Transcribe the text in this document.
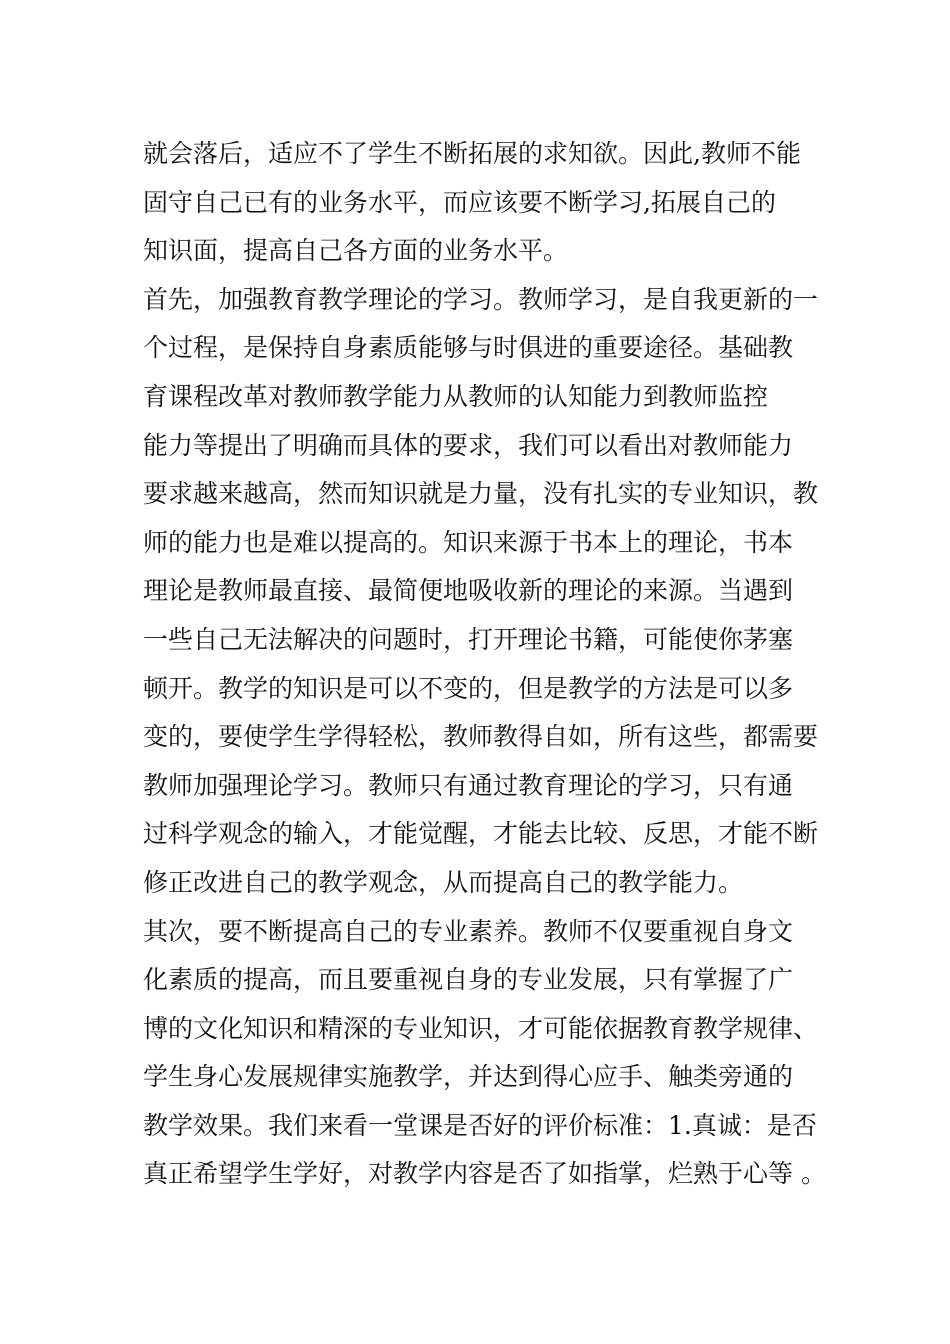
就会落后，适应不了学生不断拓展的求知欲。因此,教师不能
固守自己已有的业务水平，而应该要不断学习,拓展自己的
知识面，提高自己各方面的业务水平。
首先，加强教育教学理论的学习。教师学习，是自我更新的一
个过程，是保持自身素质能够与时俱进的重要途径。基础教
育课程改革对教师教学能力从教师的认知能力到教师监控
能力等提出了明确而具体的要求，我们可以看出对教师能力
要求越来越高，然而知识就是力量，没有扎实的专业知识，教
师的能力也是难以提高的。知识来源于书本上的理论，书本
理论是教师最直接、最简便地吸收新的理论的来源。当遇到
一些自己无法解决的问题时，打开理论书籍，可能使你茅塞
顿开。教学的知识是可以不变的，但是教学的方法是可以多
变的，要使学生学得轻松，教师教得自如，所有这些，都需要
教师加强理论学习。教师只有通过教育理论的学习，只有通
过科学观念的输入，才能觉醒，才能去比较、反思，才能不断
修正改进自己的教学观念，从而提高自己的教学能力。
其次，要不断提高自己的专业素养。教师不仅要重视自身文
化素质的提高，而且要重视自身的专业发展，只有掌握了广
博的文化知识和精深的专业知识，才可能依据教育教学规律、
学生身心发展规律实施教学，并达到得心应手、触类旁通的
教学效果。我们来看一堂课是否好的评价标准：1.真诚：是否
真正希望学生学好，对教学内容是否了如指掌，烂熟于心等 。
